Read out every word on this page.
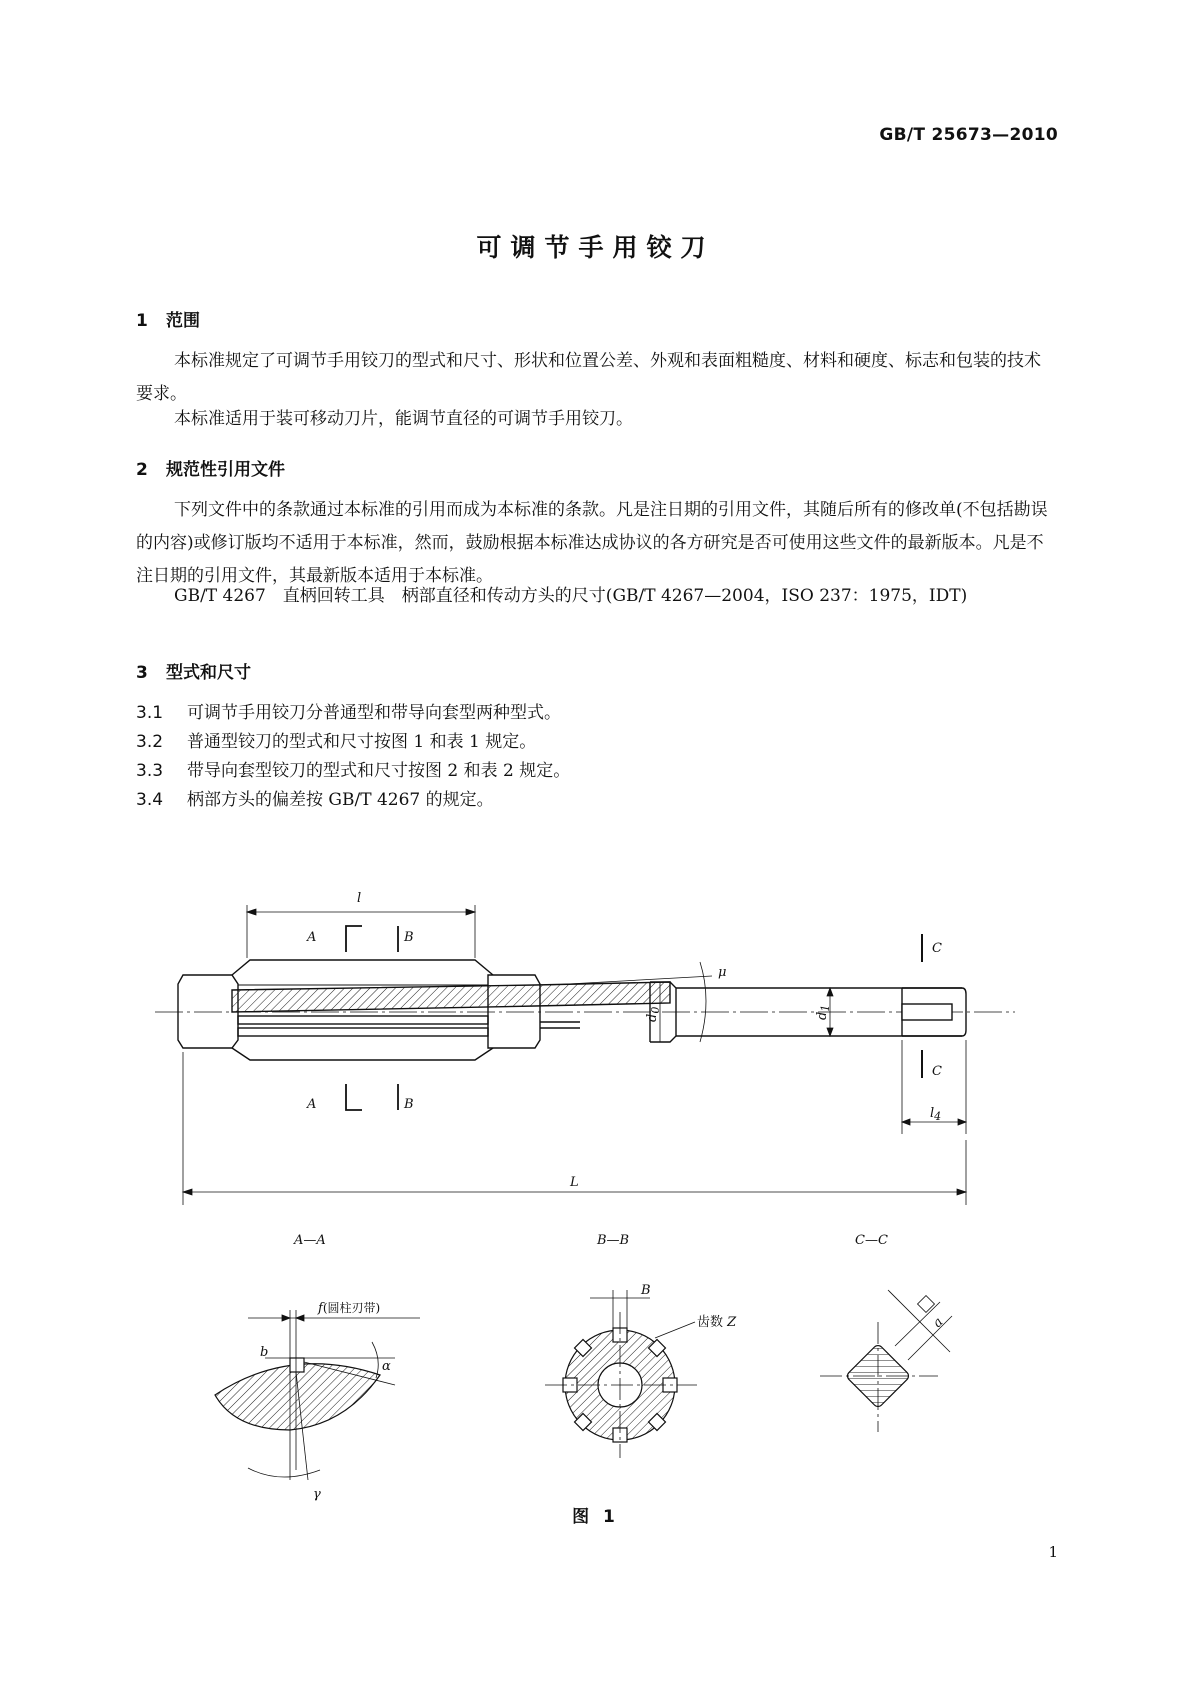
GB/T 25673—2010
可调节手用铰刀
1 范围
本标准规定了可调节手用铰刀的型式和尺寸、形状和位置公差、外观和表面粗糙度、材料和硬度、标志和包装的技术要求。
本标准适用于装可移动刀片，能调节直径的可调节手用铰刀。
2 规范性引用文件
下列文件中的条款通过本标准的引用而成为本标准的条款。凡是注日期的引用文件，其随后所有的修改单(不包括勘误的内容)或修订版均不适用于本标准，然而，鼓励根据本标准达成协议的各方研究是否可使用这些文件的最新版本。凡是不注日期的引用文件，其最新版本适用于本标准。
GB/T 4267　直柄回转工具　柄部直径和传动方头的尺寸(GB/T 4267—2004，ISO 237：1975，IDT)
3 型式和尺寸
3.1 可调节手用铰刀分普通型和带导向套型两种型式。
3.2 普通型铰刀的型式和尺寸按图 1 和表 1 规定。
3.3 带导向套型铰刀的型式和尺寸按图 2 和表 2 规定。
3.4 柄部方头的偏差按 GB/T 4267 的规定。
l
A	B
A	B
C
C
μ
$d_0$
$d_1$
$l_4$
L
A—A	B—B	C—C
f(圆柱刃带)
b
α
γ
B
齿数 Z	a
图 1
1
